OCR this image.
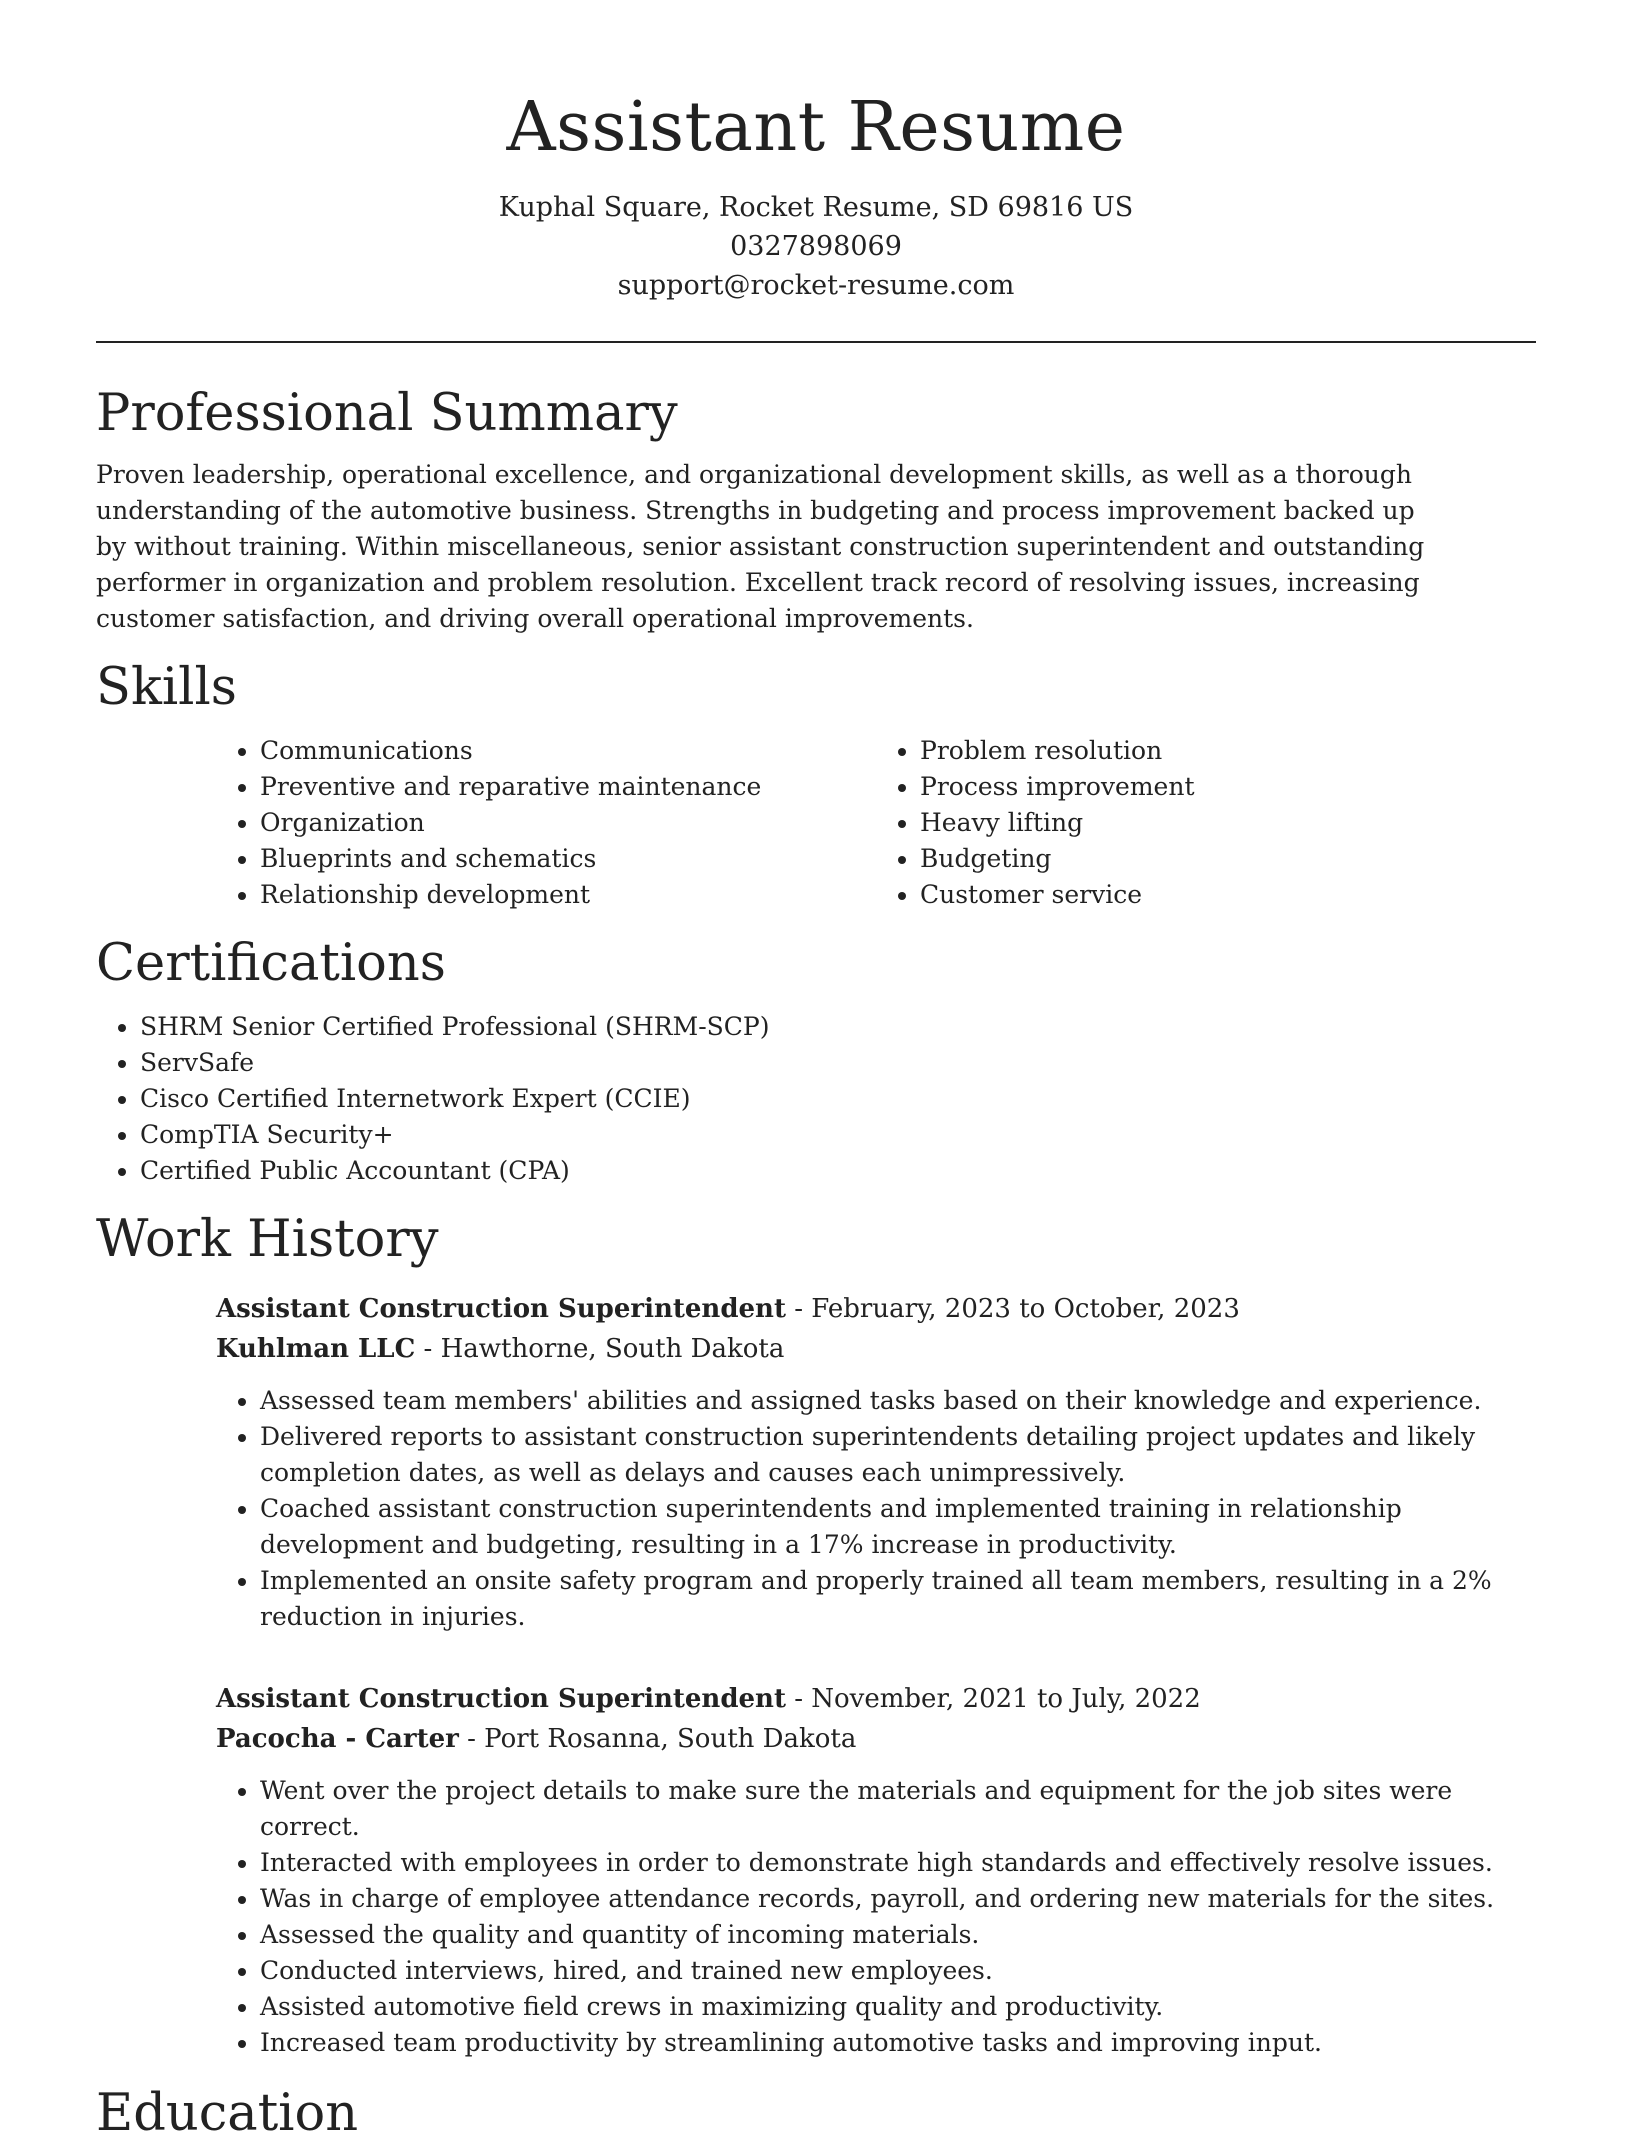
Assistant Resume

Kuphal Square, Rocket Resume, SD 69816 US

0327898069

support@rocket-resume.com

Professional Summary

Proven leadership, operational excellence, and organizational development skills, as well as a thorough understanding of the automotive business. Strengths in budgeting and process improvement backed up by without training. Within miscellaneous, senior assistant construction superintendent and outstanding performer in organization and problem resolution. Excellent track record of resolving issues, increasing customer satisfaction, and driving overall operational improvements.

Skills
• Communications
• Preventive and reparative maintenance
• Organization
• Blueprints and schematics
• Relationship development
• Problem resolution
• Process improvement
• Heavy lifting
• Budgeting
• Customer service
Certifications
• SHRM Senior Certified Professional (SHRM-SCP)
• ServSafe
• Cisco Certified Internetwork Expert (CCIE)
• CompTIA Security+
• Certified Public Accountant (CPA)
Work History

Assistant Construction Superintendent - February, 2023 to October, 2023

Kuhlman LLC - Hawthorne, South Dakota

• Assessed team members' abilities and assigned tasks based on their knowledge and experience.
• Delivered reports to assistant construction superintendents detailing project updates and likely completion dates, as well as delays and causes each unimpressively.
• Coached assistant construction superintendents and implemented training in relationship development and budgeting, resulting in a 17% increase in productivity.
• Implemented an onsite safety program and properly trained all team members, resulting in a 2% reduction in injuries.

Assistant Construction Superintendent - November, 2021 to July, 2022

Pacocha - Carter - Port Rosanna, South Dakota

• Went over the project details to make sure the materials and equipment for the job sites were correct.
• Interacted with employees in order to demonstrate high standards and effectively resolve issues.
• Was in charge of employee attendance records, payroll, and ordering new materials for the sites.
• Assessed the quality and quantity of incoming materials.
• Conducted interviews, hired, and trained new employees.
• Assisted automotive field crews in maximizing quality and productivity.
• Increased team productivity by streamlining automotive tasks and improving input.
Education
